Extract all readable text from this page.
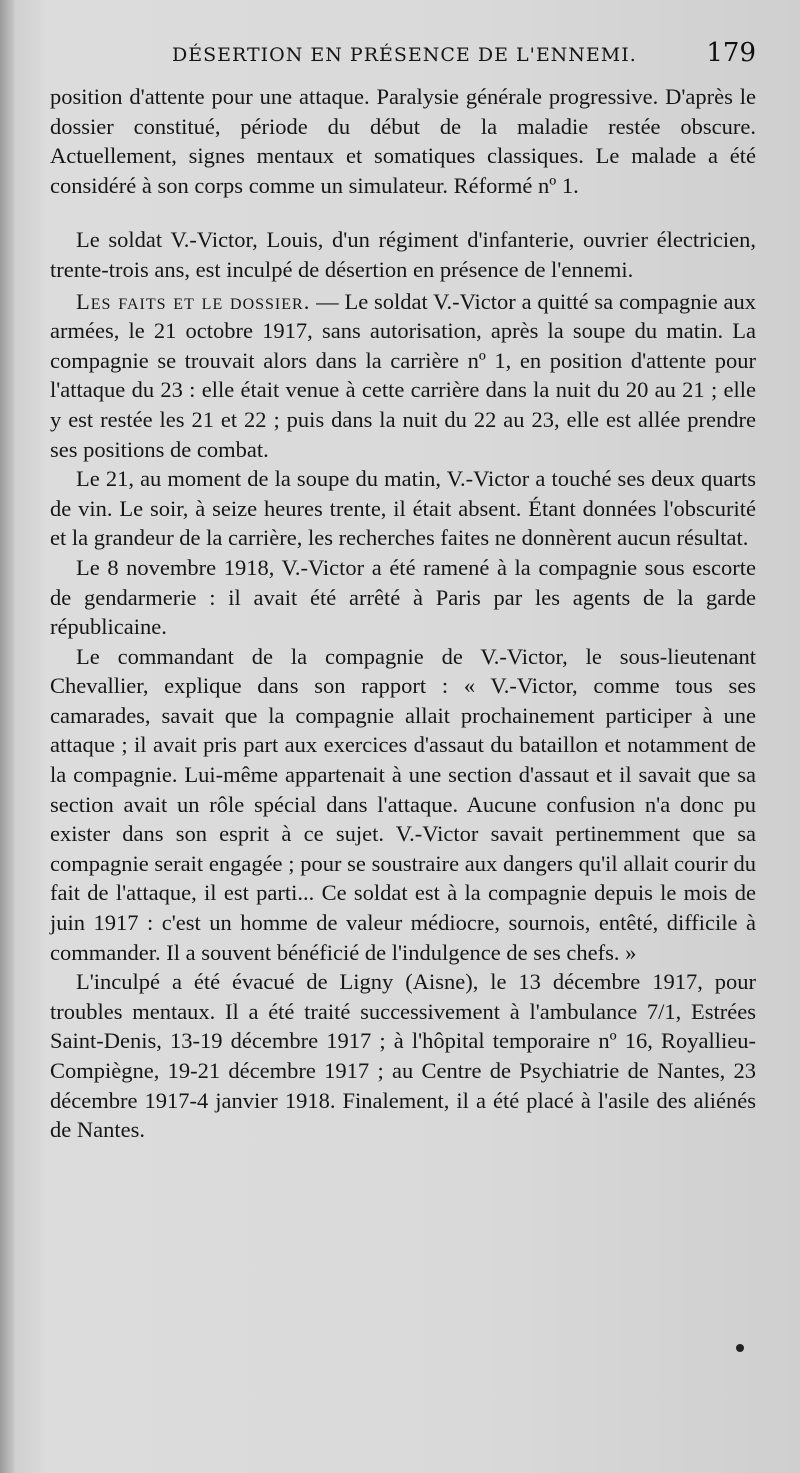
DÉSERTION EN PRÉSENCE DE L'ENNEMI.	179

position d'attente pour une attaque. Paralysie générale progressive. D'après le dossier constitué, période du début de la maladie restée obscure. Actuellement, signes mentaux et somatiques classiques. Le malade a été considéré à son corps comme un simulateur. Réformé nº 1.

Le soldat V.-Victor, Louis, d'un régiment d'infanterie, ouvrier électricien, trente-trois ans, est inculpé de désertion en présence de l'ennemi.

Les faits et le dossier. — Le soldat V.-Victor a quitté sa compagnie aux armées, le 21 octobre 1917, sans autorisation, après la soupe du matin. La compagnie se trouvait alors dans la carrière nº 1, en position d'attente pour l'attaque du 23 : elle était venue à cette carrière dans la nuit du 20 au 21 ; elle y est restée les 21 et 22 ; puis dans la nuit du 22 au 23, elle est allée prendre ses positions de combat.

Le 21, au moment de la soupe du matin, V.-Victor a touché ses deux quarts de vin. Le soir, à seize heures trente, il était absent. Étant données l'obscurité et la grandeur de la carrière, les recherches faites ne donnèrent aucun résultat.

Le 8 novembre 1918, V.-Victor a été ramené à la compagnie sous escorte de gendarmerie : il avait été arrêté à Paris par les agents de la garde républicaine.

Le commandant de la compagnie de V.-Victor, le sous-lieutenant Chevallier, explique dans son rapport : « V.-Victor, comme tous ses camarades, savait que la compagnie allait prochainement participer à une attaque ; il avait pris part aux exercices d'assaut du bataillon et notamment de la compagnie. Lui-même appartenait à une section d'assaut et il savait que sa section avait un rôle spécial dans l'attaque. Aucune confusion n'a donc pu exister dans son esprit à ce sujet. V.-Victor savait pertinemment que sa compagnie serait engagée ; pour se soustraire aux dangers qu'il allait courir du fait de l'attaque, il est parti... Ce soldat est à la compagnie depuis le mois de juin 1917 : c'est un homme de valeur médiocre, sournois, entêté, difficile à commander. Il a souvent bénéficié de l'indulgence de ses chefs. »

L'inculpé a été évacué de Ligny (Aisne), le 13 décembre 1917, pour troubles mentaux. Il a été traité successivement à l'ambulance 7/1, Estrées Saint-Denis, 13-19 décembre 1917 ; à l'hôpital temporaire nº 16, Royallieu-Compiègne, 19-21 décembre 1917 ; au Centre de Psychiatrie de Nantes, 23 décembre 1917-4 janvier 1918. Finalement, il a été placé à l'asile des aliénés de Nantes.
